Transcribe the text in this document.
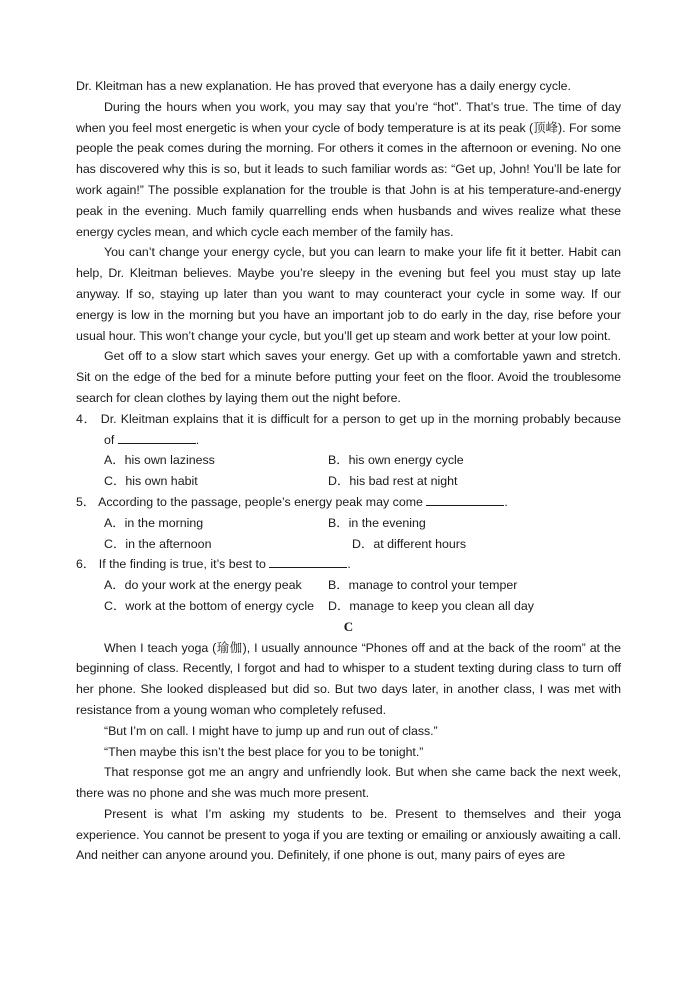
Dr. Kleitman has a new explanation. He has proved that everyone has a daily energy cycle.

During the hours when you work, you may say that you’re “hot”. That’s true. The time of day when you feel most energetic is when your cycle of body temperature is at its peak (顶峰). For some people the peak comes during the morning. For others it comes in the afternoon or evening. No one has discovered why this is so, but it leads to such familiar words as: “Get up, John! You’ll be late for work again!” The possible explanation for the trouble is that John is at his temperature-and-energy peak in the evening. Much family quarrelling ends when husbands and wives realize what these energy cycles mean, and which cycle each member of the family has.

You can’t change your energy cycle, but you can learn to make your life fit it better. Habit can help, Dr. Kleitman believes. Maybe you’re sleepy in the evening but feel you must stay up late anyway. If so, staying up later than you want to may counteract your cycle in some way. If our energy is low in the morning but you have an important job to do early in the day, rise before your usual hour. This won’t change your cycle, but you’ll get up steam and work better at your low point.

Get off to a slow start which saves your energy. Get up with a comfortable yawn and stretch. Sit on the edge of the bed for a minute before putting your feet on the floor. Avoid the troublesome search for clean clothes by laying them out the night before.

4． Dr. Kleitman explains that it is difficult for a person to get up in the morning probably because of	.
A．his own laziness	B．his own energy cycle
C．his own habit	D．his bad rest at night
5． According to the passage, people’s energy peak may come	.
A．in the morning	B．in the evening
C．in the afternoon	D．at different hours
6． If the finding is true, it’s best to	.
A．do your work at the energy peak	B．manage to control your temper
C．work at the bottom of energy cycle	D．manage to keep you clean all day
C

When I teach yoga (瑜伽), I usually announce “Phones off and at the back of the room” at the beginning of class. Recently, I forgot and had to whisper to a student texting during class to turn off her phone. She looked displeased but did so. But two days later, in another class, I was met with resistance from a young woman who completely refused.

“But I’m on call. I might have to jump up and run out of class.”

“Then maybe this isn’t the best place for you to be tonight.”

That response got me an angry and unfriendly look. But when she came back the next week, there was no phone and she was much more present.

Present is what I’m asking my students to be. Present to themselves and their yoga experience. You cannot be present to yoga if you are texting or emailing or anxiously awaiting a call. And neither can anyone around you. Definitely, if one phone is out, many pairs of eyes are
